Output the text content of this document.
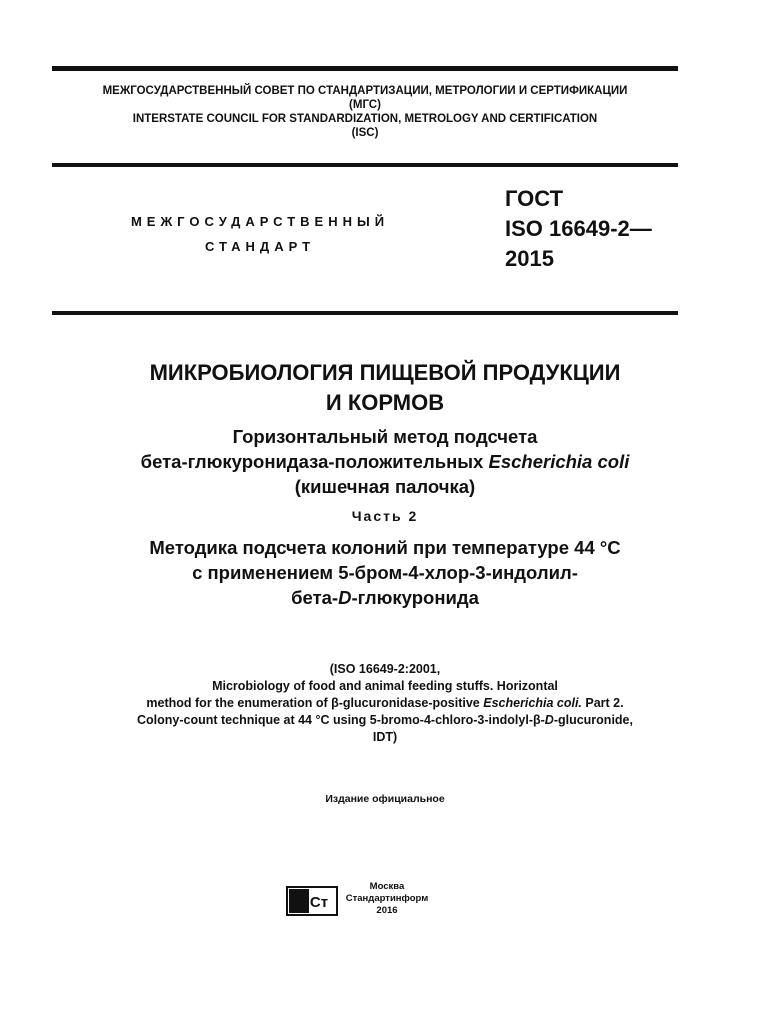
МЕЖГОСУДАРСТВЕННЫЙ СОВЕТ ПО СТАНДАРТИЗАЦИИ, МЕТРОЛОГИИ И СЕРТИФИКАЦИИ
(МГС)
INTERSTATE COUNCIL FOR STANDARDIZATION, METROLOGY AND CERTIFICATION
(ISC)
МЕЖГОСУДАРСТВЕННЫЙ
СТАНДАРТ
ГОСТ
ISO 16649-2—
2015
МИКРОБИОЛОГИЯ ПИЩЕВОЙ ПРОДУКЦИИ
И КОРМОВ
Горизонтальный метод подсчета
бета-глюкуронидаза-положительных Escherichia coli
(кишечная палочка)
Часть 2
Методика подсчета колоний при температуре 44 °С
с применением 5-бром-4-хлор-3-индолил-
бета-D-глюкуронида
(ISO 16649-2:2001,
Microbiology of food and animal feeding stuffs. Horizontal
method for the enumeration of β-glucuronidase-positive Escherichia coli. Part 2.
Colony-count technique at 44 °C using 5-bromo-4-chloro-3-indolyl-β-D-glucuronide,
IDT)
Издание официальное
Ст
Москва
Стандартинформ
2016
